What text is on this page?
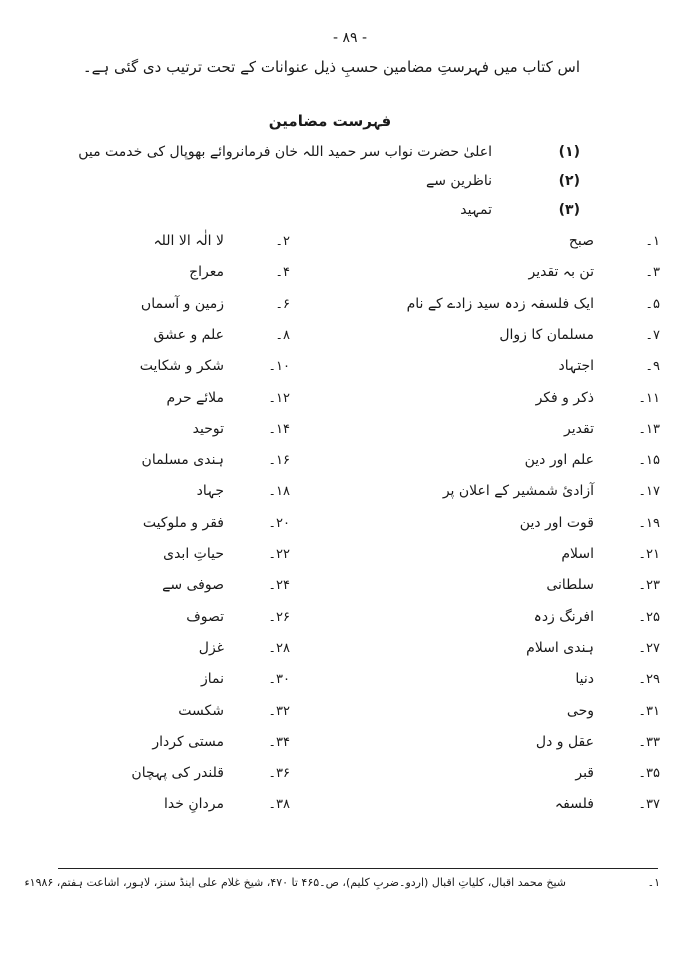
- ۸۹ -
اس کتاب میں فہرستِ مضامین حسبِ ذیل عنوانات کے تحت ترتیب دی گئی ہے۔
فہرست مضامین
(۱)
اعلیٰ حضرت نواب سر حمید اللہ خان فرمانروائے بھوپال کی خدمت میں
(۲)
ناظرین سے
(۳)
تمہید
۱۔
صبح
۳۔
تن بہ تقدیر
۵۔
ایک فلسفہ زدہ سید زادے کے نام
۷۔
مسلمان کا زوال
۹۔
اجتہاد
۱۱۔
ذکر و فکر
۱۳۔
تقدیر
۱۵۔
علم اور دین
۱۷۔
آزادیٔ شمشیر کے اعلان پر
۱۹۔
قوت اور دین
۲۱۔
اسلام
۲۳۔
سلطانی
۲۵۔
افرنگ زدہ
۲۷۔
ہندی اسلام
۲۹۔
دنیا
۳۱۔
وحی
۳۳۔
عقل و دل
۳۵۔
قبر
۳۷۔
فلسفہ
۲۔
لا الٰہ الا اللہ
۴۔
معراج
۶۔
زمین و آسماں
۸۔
علم و عشق
۱۰۔
شکر و شکایت
۱۲۔
ملائے حرم
۱۴۔
توحید
۱۶۔
ہندی مسلمان
۱۸۔
جہاد
۲۰۔
فقر و ملوکیت
۲۲۔
حیاتِ ابدی
۲۴۔
صوفی سے
۲۶۔
تصوف
۲۸۔
غزل
۳۰۔
نماز
۳۲۔
شکست
۳۴۔
مستی کردار
۳۶۔
قلندر کی پہچان
۳۸۔
مردانِ خدا
۱۔
شیخ محمد اقبال، کلیاتِ اقبال (اردو۔ضربِ کلیم)، ص۔۴۶۵ تا ۴۷۰، شیخ غلام علی اینڈ سنز، لاہور، اشاعت ہفتم، ۱۹۸۶ء
